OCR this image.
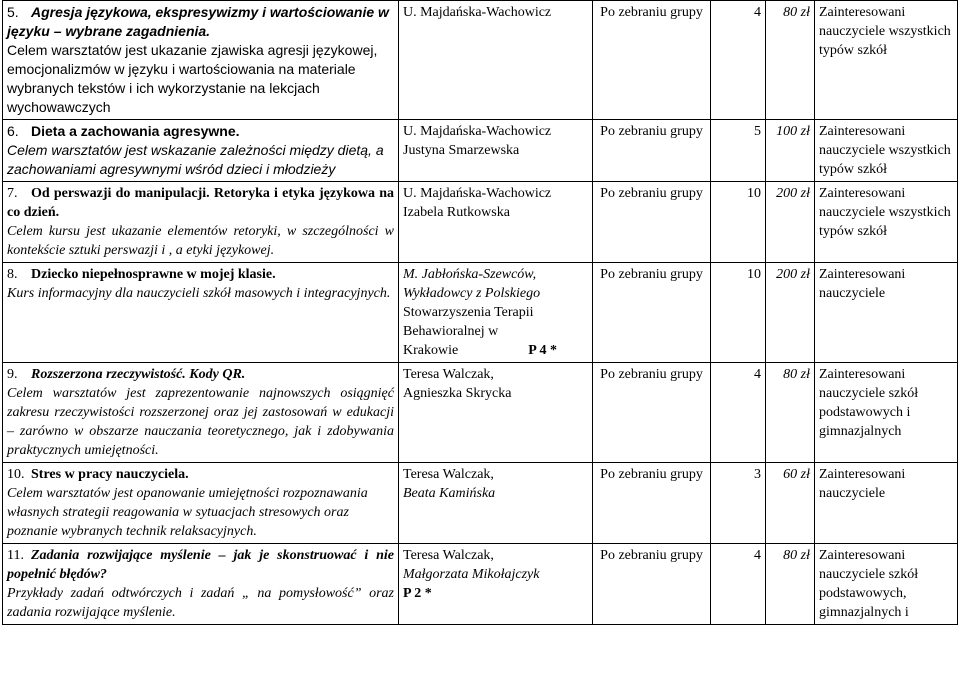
5. Agresja językowa, ekspresywizmy i wartościowanie w języku – wybrane zagadnienia.
Celem warsztatów jest ukazanie zjawiska agresji językowej, emocjonalizmów w języku i wartościowania na materiale wybranych tekstów i ich wykorzystanie na lekcjach wychowawczych	U. Majdańska-Wachowicz	Po zebraniu grupy	4	80 zł	Zainteresowani nauczyciele wszystkich typów szkół

6. Dieta a zachowania agresywne.
Celem warsztatów jest wskazanie zależności między dietą, a zachowaniami agresywnymi wśród dzieci i młodzieży	U. Majdańska-Wachowicz
Justyna Smarzewska	Po zebraniu grupy	5	100 zł	Zainteresowani nauczyciele wszystkich typów szkół

7. Od perswazji do manipulacji. Retoryka i etyka językowa na co dzień.
Celem kursu jest ukazanie elementów retoryki, w szczególności w kontekście sztuki perswazji i , a etyki językowej.	U. Majdańska-Wachowicz
Izabela Rutkowska	Po zebraniu grupy	10	200 zł	Zainteresowani nauczyciele wszystkich typów szkół

8. Dziecko niepełnosprawne w mojej klasie.
Kurs informacyjny dla nauczycieli szkół masowych i integracyjnych.	M. Jabłońska-Szewców,
Wykładowcy z Polskiego
Stowarzyszenia Terapii
Behawioralnej w
Krakowie P 4 *	Po zebraniu grupy	10	200 zł	Zainteresowani nauczyciele

9. Rozszerzona rzeczywistość. Kody QR.
Celem warsztatów jest zaprezentowanie najnowszych osiągnięć zakresu rzeczywistości rozszerzonej oraz jej zastosowań w edukacji – zarówno w obszarze nauczania teoretycznego, jak i zdobywania praktycznych umiejętności.	Teresa Walczak,
Agnieszka Skrycka	Po zebraniu grupy	4	80 zł	Zainteresowani nauczyciele szkół podstawowych i gimnazjalnych

10. Stres w pracy nauczyciela.
Celem warsztatów jest opanowanie umiejętności rozpoznawania własnych strategii reagowania w sytuacjach stresowych oraz poznanie wybranych technik relaksacyjnych.	Teresa Walczak,
Beata Kamińska	Po zebraniu grupy	3	60 zł	Zainteresowani nauczyciele

11. Zadania rozwijające myślenie – jak je skonstruować i nie popełnić błędów?
Przykłady zadań odtwórczych i zadań „ na pomysłowość” oraz zadania rozwijające myślenie.	Teresa Walczak,
Małgorzata Mikołajczyk
P 2 *	Po zebraniu grupy	4	80 zł	Zainteresowani nauczyciele szkół podstawowych, gimnazjalnych i
